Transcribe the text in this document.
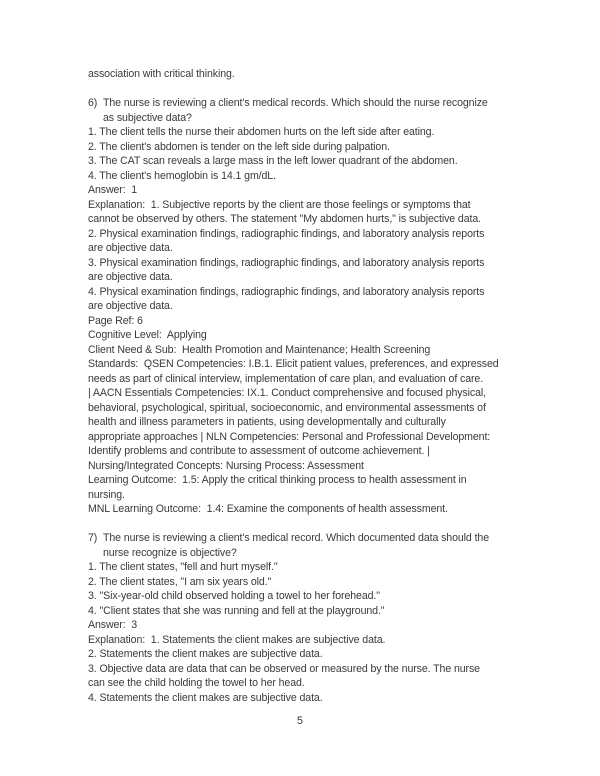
association with critical thinking.
6) The nurse is reviewing a client's medical records. Which should the nurse recognize
as subjective data?
1. The client tells the nurse their abdomen hurts on the left side after eating.
2. The client's abdomen is tender on the left side during palpation.
3. The CAT scan reveals a large mass in the left lower quadrant of the abdomen.
4. The client's hemoglobin is 14.1 gm/dL.
Answer:  1
Explanation:  1. Subjective reports by the client are those feelings or symptoms that
cannot be observed by others. The statement "My abdomen hurts," is subjective data.
2. Physical examination findings, radiographic findings, and laboratory analysis reports
are objective data.
3. Physical examination findings, radiographic findings, and laboratory analysis reports
are objective data.
4. Physical examination findings, radiographic findings, and laboratory analysis reports
are objective data.
Page Ref: 6
Cognitive Level:  Applying
Client Need & Sub:  Health Promotion and Maintenance; Health Screening
Standards:  QSEN Competencies: I.B.1. Elicit patient values, preferences, and expressed
needs as part of clinical interview, implementation of care plan, and evaluation of care.
| AACN Essentials Competencies: IX.1. Conduct comprehensive and focused physical,
behavioral, psychological, spiritual, socioeconomic, and environmental assessments of
health and illness parameters in patients, using developmentally and culturally
appropriate approaches | NLN Competencies: Personal and Professional Development:
Identify problems and contribute to assessment of outcome achievement. |
Nursing/Integrated Concepts: Nursing Process: Assessment
Learning Outcome:  1.5: Apply the critical thinking process to health assessment in
nursing.
MNL Learning Outcome:  1.4: Examine the components of health assessment.
7) The nurse is reviewing a client's medical record. Which documented data should the
nurse recognize is objective?
1. The client states, "fell and hurt myself."
2. The client states, "I am six years old."
3. "Six-year-old child observed holding a towel to her forehead."
4. "Client states that she was running and fell at the playground."
Answer:  3
Explanation:  1. Statements the client makes are subjective data.
2. Statements the client makes are subjective data.
3. Objective data are data that can be observed or measured by the nurse. The nurse
can see the child holding the towel to her head.
4. Statements the client makes are subjective data.
5
